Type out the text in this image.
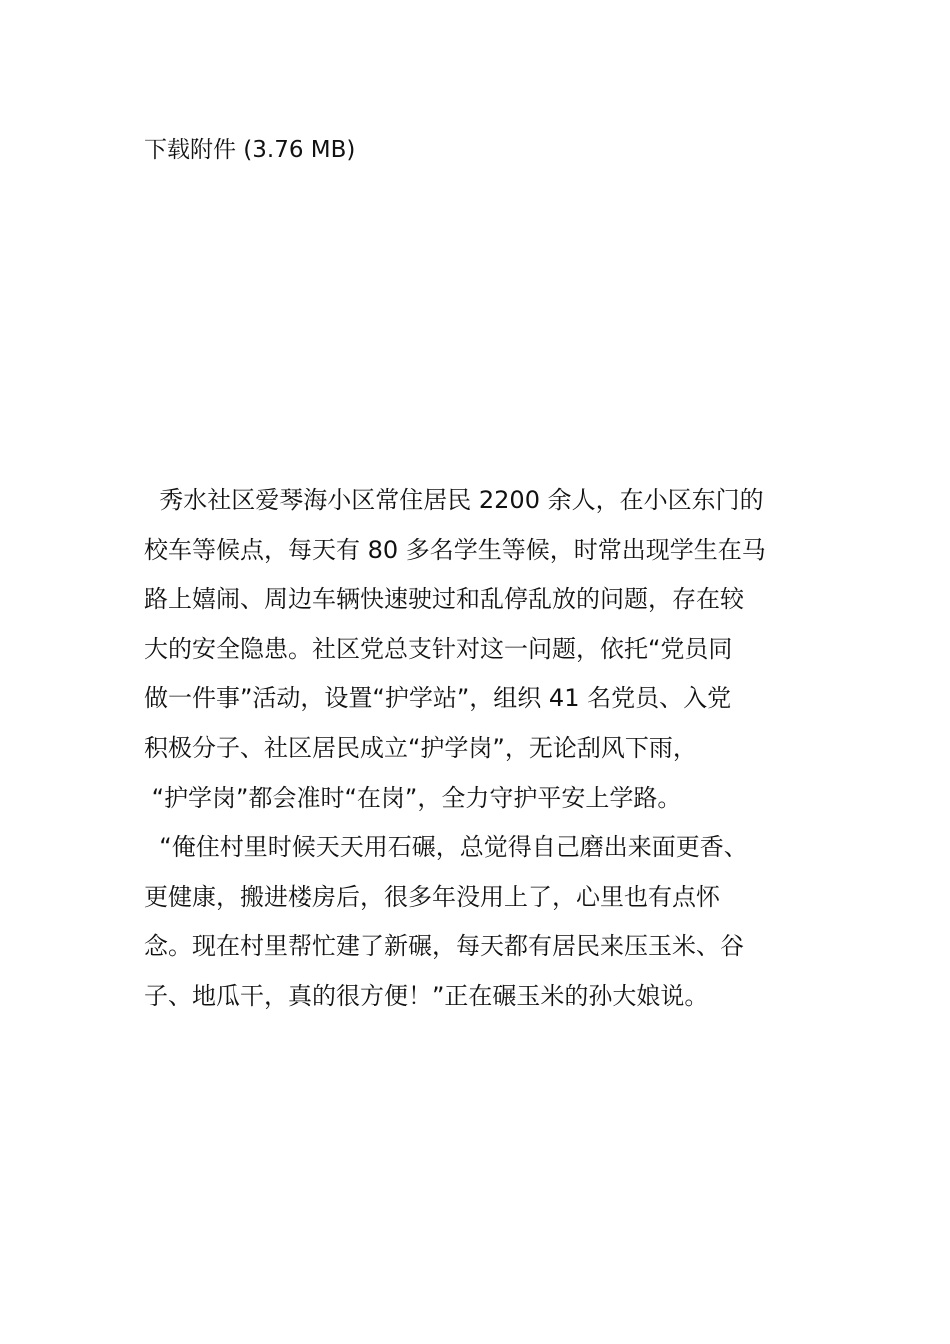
下载附件 (3.76 MB)
秀水社区爱琴海小区常住居民 2200 余人，在小区东门的
校车等候点，每天有 80 多名学生等候，时常出现学生在马
路上嬉闹、周边车辆快速驶过和乱停乱放的问题，存在较
大的安全隐患。社区党总支针对这一问题，依托“党员同
做一件事”活动，设置“护学站”，组织 41 名党员、入党
积极分子、社区居民成立“护学岗”，无论刮风下雨，
“护学岗”都会准时“在岗”，全力守护平安上学路。
“俺住村里时候天天用石碾，总觉得自己磨出来面更香、
更健康，搬进楼房后，很多年没用上了，心里也有点怀
念。现在村里帮忙建了新碾，每天都有居民来压玉米、谷
子、地瓜干，真的很方便！”正在碾玉米的孙大娘说。
